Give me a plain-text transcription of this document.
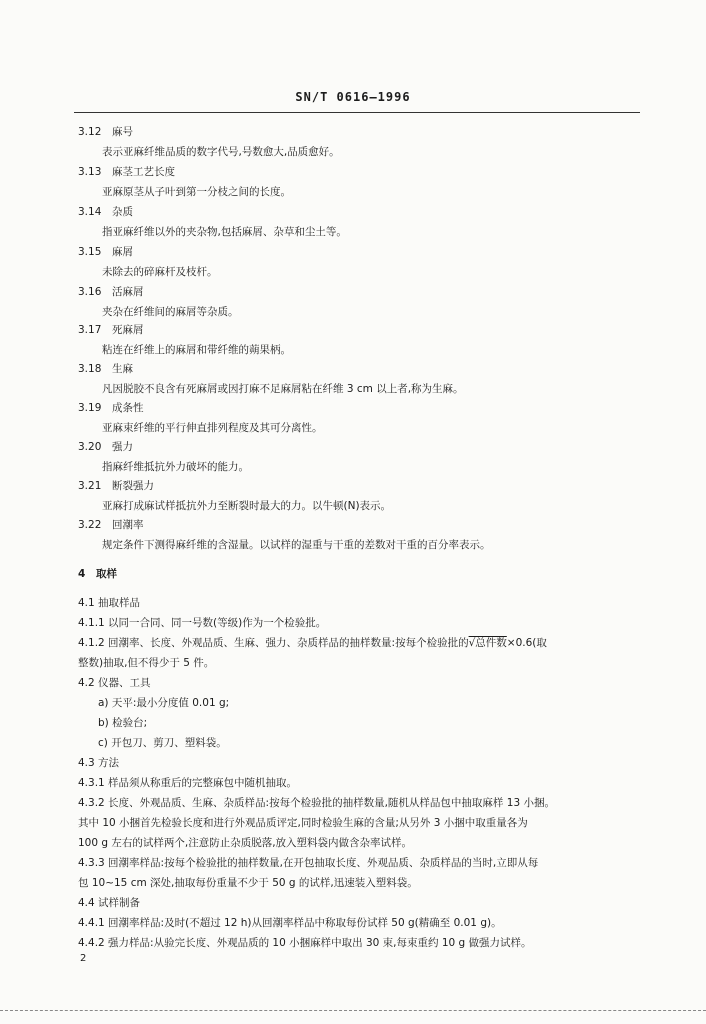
SN/T 0616—1996
3.12 麻号
表示亚麻纤维品质的数字代号,号数愈大,品质愈好。
3.13 麻茎工艺长度
亚麻原茎从子叶到第一分枝之间的长度。
3.14 杂质
指亚麻纤维以外的夹杂物,包括麻屑、杂草和尘土等。
3.15 麻屑
未除去的碎麻杆及枝杆。
3.16 活麻屑
夹杂在纤维间的麻屑等杂质。
3.17 死麻屑
粘连在纤维上的麻屑和带纤维的蒴果柄。
3.18 生麻
凡因脱胶不良含有死麻屑或因打麻不足麻屑粘在纤维 3 cm 以上者,称为生麻。
3.19 成条性
亚麻束纤维的平行伸直排列程度及其可分离性。
3.20 强力
指麻纤维抵抗外力破坏的能力。
3.21 断裂强力
亚麻打成麻试样抵抗外力至断裂时最大的力。以牛顿(N)表示。
3.22 回潮率
规定条件下测得麻纤维的含湿量。以试样的湿重与干重的差数对干重的百分率表示。
4 取样
4.1 抽取样品
4.1.1 以同一合同、同一号数(等级)作为一个检验批。
4.1.2 回潮率、长度、外观品质、生麻、强力、杂质样品的抽样数量:按每个检验批的√总件数×0.6(取
整数)抽取,但不得少于 5 件。
4.2 仪器、工具
a) 天平:最小分度值 0.01 g;
b) 检验台;
c) 开包刀、剪刀、塑料袋。
4.3 方法
4.3.1 样品须从称重后的完整麻包中随机抽取。
4.3.2 长度、外观品质、生麻、杂质样品:按每个检验批的抽样数量,随机从样品包中抽取麻样 13 小捆。
其中 10 小捆首先检验长度和进行外观品质评定,同时检验生麻的含量;从另外 3 小捆中取重量各为
100 g 左右的试样两个,注意防止杂质脱落,放入塑料袋内做含杂率试样。
4.3.3 回潮率样品:按每个检验批的抽样数量,在开包抽取长度、外观品质、杂质样品的当时,立即从每
包 10~15 cm 深处,抽取每份重量不少于 50 g 的试样,迅速装入塑料袋。
4.4 试样制备
4.4.1 回潮率样品:及时(不超过 12 h)从回潮率样品中称取每份试样 50 g(精确至 0.01 g)。
4.4.2 强力样品:从验完长度、外观品质的 10 小捆麻样中取出 30 束,每束重约 10 g 做强力试样。
2
